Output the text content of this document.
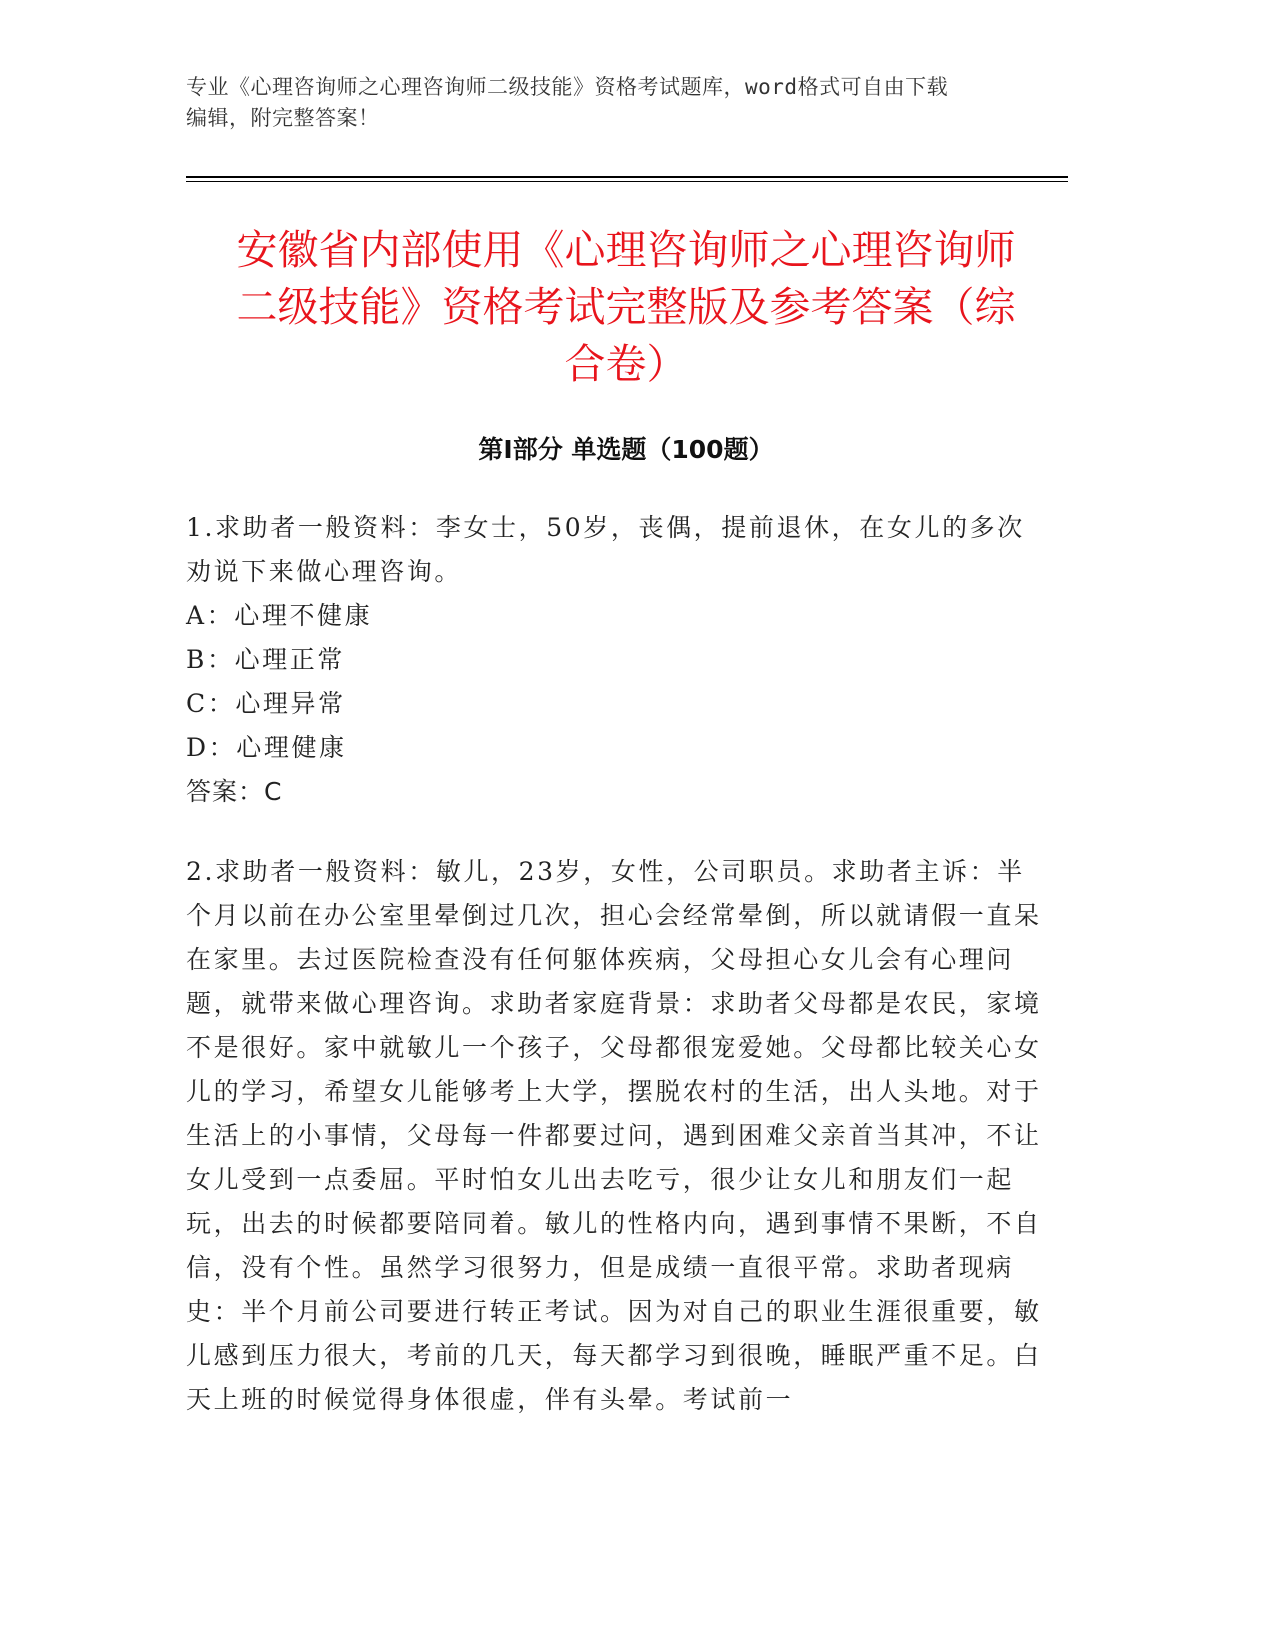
专业《心理咨询师之心理咨询师二级技能》资格考试题库，word格式可自由下载
编辑，附完整答案！
安徽省内部使用《心理咨询师之心理咨询师
二级技能》资格考试完整版及参考答案（综
合卷）
第Ⅰ部分 单选题（100题）

1.求助者一般资料：李女士，50岁，丧偶，提前退休，在女儿的多次劝说下来做心理咨询。

A：心理不健康

B：心理正常

C：心理异常

D：心理健康

答案：C

2.求助者一般资料：敏儿，23岁，女性，公司职员。求助者主诉：半个月以前在办公室里晕倒过几次，担心会经常晕倒，所以就请假一直呆在家里。去过医院检查没有任何躯体疾病，父母担心女儿会有心理问题，就带来做心理咨询。求助者家庭背景：求助者父母都是农民，家境不是很好。家中就敏儿一个孩子，父母都很宠爱她。父母都比较关心女儿的学习，希望女儿能够考上大学，摆脱农村的生活，出人头地。对于生活上的小事情，父母每一件都要过问，遇到困难父亲首当其冲，不让女儿受到一点委屈。平时怕女儿出去吃亏，很少让女儿和朋友们一起玩，出去的时候都要陪同着。敏儿的性格内向，遇到事情不果断，不自信，没有个性。虽然学习很努力，但是成绩一直很平常。求助者现病史：半个月前公司要进行转正考试。因为对自己的职业生涯很重要，敏儿感到压力很大，考前的几天，每天都学习到很晚，睡眠严重不足。白天上班的时候觉得身体很虚，伴有头晕。考试前一
